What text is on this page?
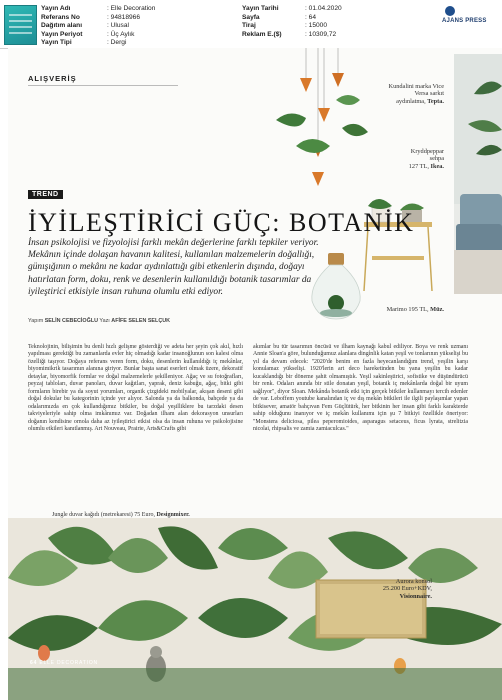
Yayın Adı
Referans No
Dağıtım alanı
Yayın Periyot
Yayın Tipi
: Elle Decoration
: 94818966
: Ulusal
: Üç Aylık
: Dergi
Yayın Tarihi
Sayfa
Tiraj
Reklam E.($)
: 01.04.2020
: 64
: 15000
: 10309,72
AJANS PRESS
ALIŞVERİŞ
Kundalini marka Vice
Versa sarkıt
aydınlatma, Tepta.
Kryddpeppar
sehpa
127 TL, Ikea.
Marimo 195 TL, Müz.
TREND
İYİLEŞTİRİCİ GÜÇ: BOTANİK
İnsan psikolojisi ve fizyolojisi farklı mekân değerlerine farklı tepkiler veriyor. Mekânın içinde dolaşan havanın kalitesi, kullanılan malzemelerin doğallığı, günışığının o mekânı ne kadar aydınlattığı gibi etkenlerin dışında, doğayı hatırlatan form, doku, renk ve desenlerin kullanıldığı botanik tasarımlar da iyileştirici etkisiyle insan ruhuna olumlu etki ediyor.
Yapım SELİN CEBECİOĞLU Yazı AFİFE SELEN SELÇUK
Teknolojinin, bilişimin bu denli hızlı gelişme gösterdiği ve adeta her şeyin çok akıl, hızlı yapılması gerektiği bu zamanlarda evler hiç olmadığı kadar insanoğlunun son kalesi olma özelliği taşıyor. Doğaya referans veren form, doku, desenlerin kullanıldığı iç mekânlar, biyomimikrik tasarımın alanına giriyor. Bunlar başta sanat eserleri olmak üzere, dekoratif detaylar, biyomorfik formlar ve doğal malzemelerle şekilleniyor. Ağaç ve su fotoğrafları, peyzaj tabloları, duvar panoları, duvar kağıtları, yaprak, deniz kabuğu, ağaç, bitki gibi formların birebir ya da soyut yorumları, organik çizgideki mobilyalar, akışan deseni gibi doğal dokular bu kategorinin içinde yer alıyor. Salonda ya da balkonda, bahçede ya da odalarımızda en çok kullandığımız bitkiler, bu doğal yeşilliklere bu tarzdaki desen takviyeleriyle sahip olma imkânımız var. Doğadan ilham alan dekorasyon unsurları doğanın kendisine ornola daha az iyileştirici etkisi olsa da insan ruhuna ve psikolojisine olumlu etkileri kanıtlanmış. Art Nouveau, Prairie, Arts&Crafts gibi
akımlar bu tür tasarımın öncüsü ve ilham kaynağı kabul ediliyor. Boya ve renk uzmanı Annie Sloan'a göre, bulunduğumuz alanlara dingi̇nlik katan yeşil ve tonlarının yükselişi bu yıl da devam edecek: "2020'de benim en fazla heyecanlandığım trend, yeşilin karşı konulamaz yükselişi. 1920'lerin art deco hareketinden bu yana yeşilin bu kadar kucaklandığı bir döneme şahit olmamıştık. Yeşil sakinleştirici, sofistike ve düşündürücü bir renk. Odaları anında bir stile donatan yeşil, botanik iç mekânlarda doğal bir uyum sağlıyor", diyor Sloan. Mekânda botanik etki için gerçek bitkiler kullanmayı tercih edenler de var. Leboffem youtube kanalından iç ve dış mekân bitkileri ile ilgili paylaşımlar yapan bitkisever, amatör bahçıvan Fem Güçlütürk, her bitkinin her insan gibi farklı karakterde sahip olduğunu inanıyor ve iç mekân kullanımı için şu 7 bitkiyi özellikle öneriyor: "Monstera deliciosa, pilea peperomioides, asparagus setaceus, ficus lyrata, strelitzia nicolai, rhipsalis ve zamia zamiaculcas."
Jungle duvar kağıdı (metrekaresi) 75 Euro, Designmixer.
Aurora konsol
25.200 Euro+KDV,
Visionnaire.
64 ELLE DECORATION
